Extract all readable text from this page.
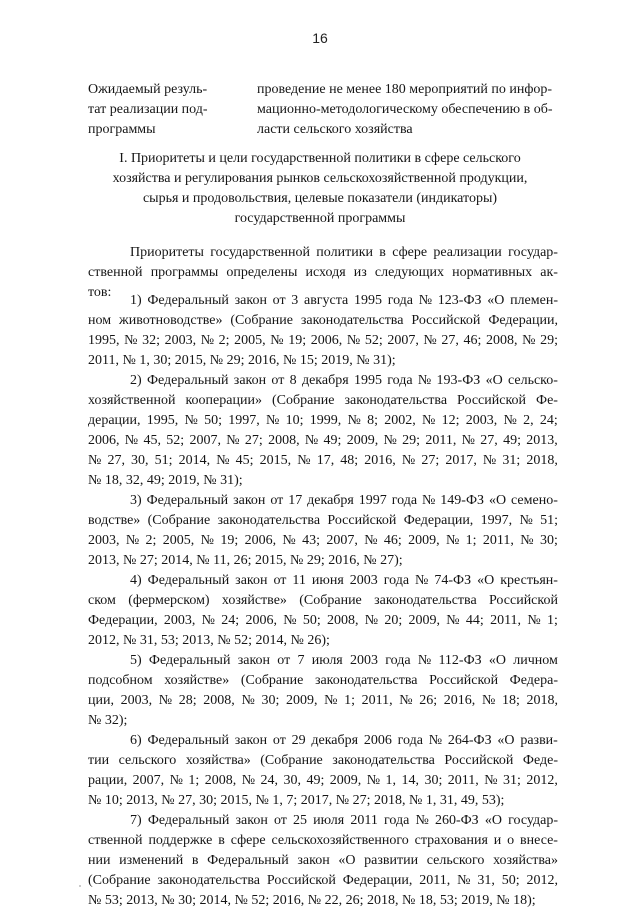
16
Ожидаемый резуль-
тат реализации под-
программы
проведение не менее 180 мероприятий по инфор-
мационно-методологическому обеспечению в об-
ласти сельского хозяйства
I. Приоритеты и цели государственной политики в сфере сельского
хозяйства и регулирования рынков сельскохозяйственной продукции,
сырья и продовольствия, целевые показатели (индикаторы)
государственной программы
Приоритеты государственной политики в сфере реализации государ-
ственной программы определены исходя из следующих нормативных ак-
тов:
1) Федеральный закон от 3 августа 1995 года № 123-ФЗ «О племен-
ном животноводстве» (Собрание законодательства Российской Федерации,
1995, № 32; 2003, № 2; 2005, № 19; 2006, № 52; 2007, № 27, 46; 2008, № 29;
2011, № 1, 30; 2015, № 29; 2016, № 15; 2019, № 31);
2) Федеральный закон от 8 декабря 1995 года № 193-ФЗ «О сельско-
хозяйственной кооперации» (Собрание законодательства Российской Фе-
дерации, 1995, № 50; 1997, № 10; 1999, № 8; 2002, № 12; 2003, № 2, 24;
2006, № 45, 52; 2007, № 27; 2008, № 49; 2009, № 29; 2011, № 27, 49; 2013,
№ 27, 30, 51; 2014, № 45; 2015, № 17, 48; 2016, № 27; 2017, № 31; 2018,
№ 18, 32, 49; 2019, № 31);
3) Федеральный закон от 17 декабря 1997 года № 149-ФЗ «О семено-
водстве» (Собрание законодательства Российской Федерации, 1997, № 51;
2003, № 2; 2005, № 19; 2006, № 43; 2007, № 46; 2009, № 1; 2011, № 30;
2013, № 27; 2014, № 11, 26; 2015, № 29; 2016, № 27);
4) Федеральный закон от 11 июня 2003 года № 74-ФЗ «О крестьян-
ском (фермерском) хозяйстве» (Собрание законодательства Российской
Федерации, 2003, № 24; 2006, № 50; 2008, № 20; 2009, № 44; 2011, № 1;
2012, № 31, 53; 2013, № 52; 2014, № 26);
5) Федеральный закон от 7 июля 2003 года № 112-ФЗ «О личном
подсобном хозяйстве» (Собрание законодательства Российской Федера-
ции, 2003, № 28; 2008, № 30; 2009, № 1; 2011, № 26; 2016, № 18; 2018,
№ 32);
6) Федеральный закон от 29 декабря 2006 года № 264-ФЗ «О разви-
тии сельского хозяйства» (Собрание законодательства Российской Феде-
рации, 2007, № 1; 2008, № 24, 30, 49; 2009, № 1, 14, 30; 2011, № 31; 2012,
№ 10; 2013, № 27, 30; 2015, № 1, 7; 2017, № 27; 2018, № 1, 31, 49, 53);
7) Федеральный закон от 25 июля 2011 года № 260-ФЗ «О государ-
ственной поддержке в сфере сельскохозяйственного страхования и о внесе-
нии изменений в Федеральный закон «О развитии сельского хозяйства»
(Собрание законодательства Российской Федерации, 2011, № 31, 50; 2012,
№ 53; 2013, № 30; 2014, № 52; 2016, № 22, 26; 2018, № 18, 53; 2019, № 18);
